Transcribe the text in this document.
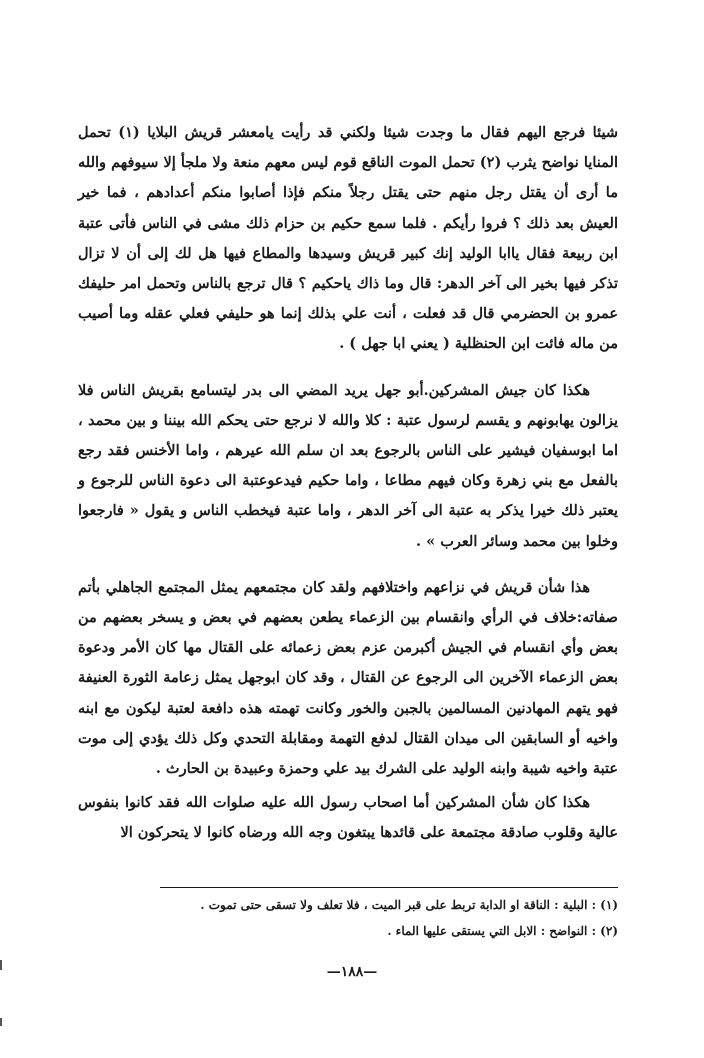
شيئا فرجع اليهم فقال ما وجدت شيئا ولكني قد رأيت يامعشر قريش البلايا (١) تحمل المنايا نواضح يثرب (٢) تحمل الموت الناقع قوم ليس معهم منعة ولا ملجأ إلا سيوفهم والله ما أرى أن يقتل رجل منهم حتى يقتل رجلاً منكم فإذا أصابوا منكم أعدادهم ، فما خير العيش بعد ذلك ؟ فروا رأيكم . فلما سمع حكيم بن حزام ذلك مشى في الناس فأتى عتبة ابن ربيعة فقال ياابا الوليد إنك كبير قريش وسيدها والمطاع فيها هل لك إلى أن لا تزال تذكر فيها بخير الى آخر الدهر: قال وما ذاك ياحكيم ؟ قال ترجع بالناس وتحمل امر حليفك عمرو بن الحضرمي قال قد فعلت ، أنت علي بذلك إنما هو حليفي فعلي عقله وما أصيب من ماله فائت ابن الحنظلية ( يعني ابا جهل ) .

هكذا كان جيش المشركين.أبو جهل يريد المضي الى بدر ليتسامع بقريش الناس فلا يزالون يهابونهم و يقسم لرسول عتبة : كلا والله لا نرجع حتى يحكم الله بيننا و بين محمد ، اما ابوسفيان فيشير على الناس بالرجوع بعد ان سلم الله عيرهم ، واما الأخنس فقد رجع بالفعل مع بني زهرة وكان فيهم مطاعا ، واما حكيم فيدعوعتبة الى دعوة الناس للرجوع و يعتبر ذلك خيرا يذكر به عتبة الى آخر الدهر ، واما عتبة فيخطب الناس و يقول « فارجعوا وخلوا بين محمد وسائر العرب » .

هذا شأن قريش في نزاعهم واختلافهم ولقد كان مجتمعهم يمثل المجتمع الجاهلي بأتم صفاته:خلاف في الرأي وانقسام بين الزعماء يطعن بعضهم في بعض و يسخر بعضهم من بعض وأي انقسام في الجيش أكبرمن عزم بعض زعمائه على القتال مها كان الأمر ودعوة بعض الزعماء الآخرين الى الرجوع عن القتال ، وقد كان ابوجهل يمثل زعامة الثورة العنيفة فهو يتهم المهادنين المسالمين بالجبن والخور وكانت تهمته هذه دافعة لعتبة ليكون مع ابنه واخيه أو السابقين الى ميدان القتال لدفع التهمة ومقابلة التحدي وكل ذلك يؤدي إلى موت عتبة واخيه شيبة وابنه الوليد على الشرك بيد علي وحمزة وعبيدة بن الحارث .

هكذا كان شأن المشركين أما اصحاب رسول الله عليه صلوات الله فقد كانوا بنفوس عالية وقلوب صادقة مجتمعة على قائدها يبتغون وجه الله ورضاه كانوا لا يتحركون الا

(١) : البلية : الناقة او الدابة تربط على قبر الميت ، فلا تعلف ولا تسقى حتى تموت .

(٢) : النواضح : الابل التي يستقى عليها الماء .

—١٨٨—
